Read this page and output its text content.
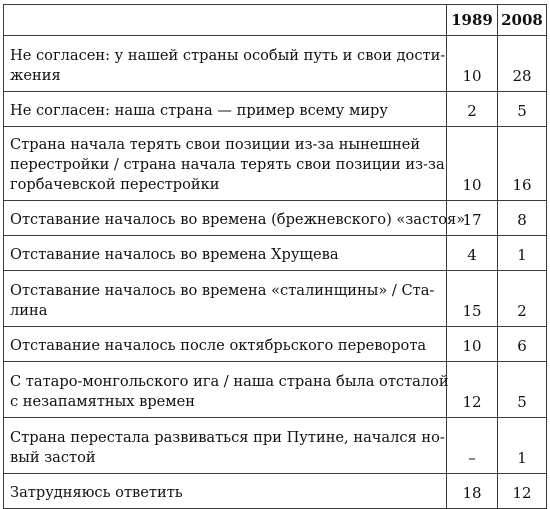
	1989	2008

Не согласен: у нашей страны особый путь и свои дости-
жения	10	28

Не согласен: наша страна — пример всему миру	2	5

Страна начала терять свои позиции из-за нынешней
перестройки / страна начала терять свои позиции из-за
горбачевской перестройки	10	16

Отставание началось во времена (брежневского) «застоя»	17	8

Отставание началось во времена Хрущева	4	1

Отставание началось во времена «сталинщины» / Ста-
лина	15	2

Отставание началось после октябрьского переворота	10	6

С татаро-монгольского ига / наша страна была отсталой
с незапамятных времен	12	5

Страна перестала развиваться при Путине, начался но-
вый застой	–	1

Затрудняюсь ответить	18	12
